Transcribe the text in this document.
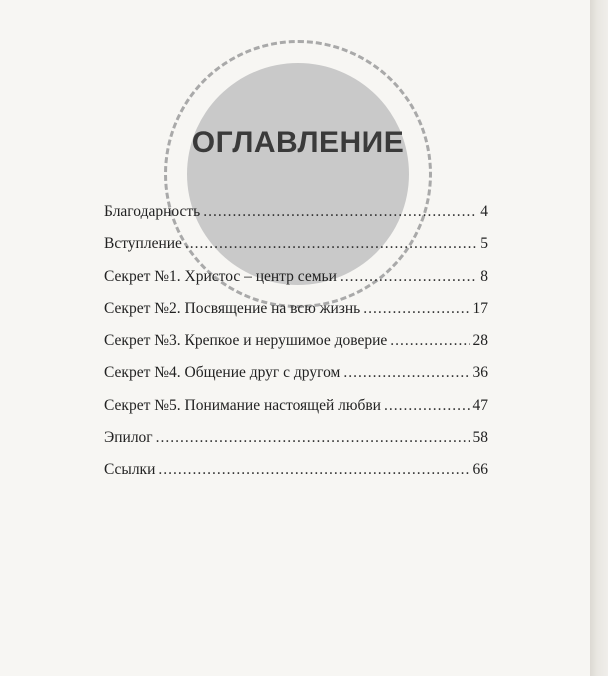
ОГЛАВЛЕНИЕ
Благодарность .....	4
Вступление .....	5
Секрет №1. Христос – центр семьи .....	8
Секрет №2. Посвящение на всю жизнь .....	17
Секрет №3. Крепкое и нерушимое доверие .....	28
Секрет №4. Общение друг с другом .....	36
Секрет №5. Понимание настоящей любви .....	47
Эпилог .....	58
Ссылки .....	66
